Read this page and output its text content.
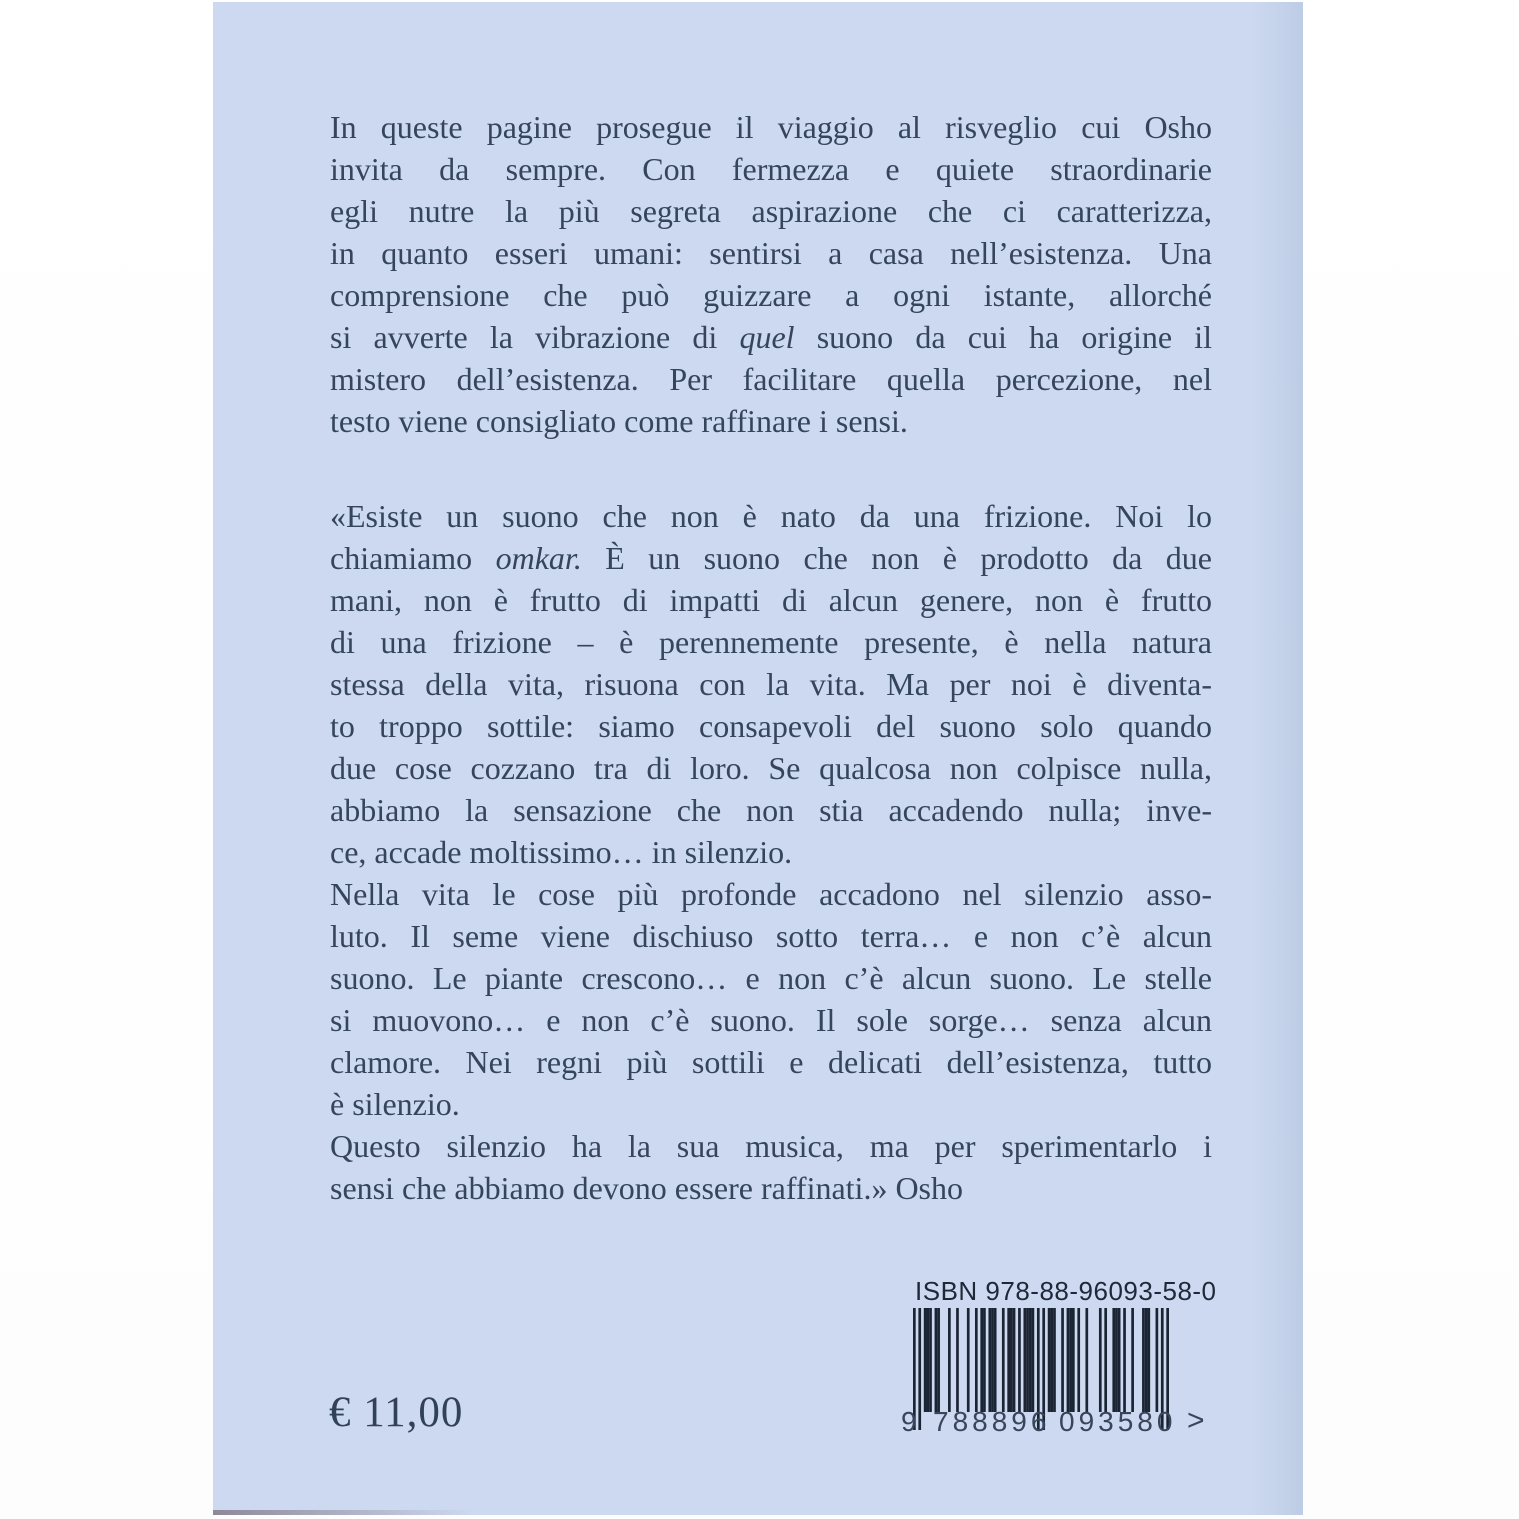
In queste pagine prosegue il viaggio al risveglio cui Osho
invita da sempre. Con fermezza e quiete straordinarie
egli nutre la più segreta aspirazione che ci caratterizza,
in quanto esseri umani: sentirsi a casa nell’esistenza. Una
comprensione che può guizzare a ogni istante, allorché
si avverte la vibrazione di quel suono da cui ha origine il
mistero dell’esistenza. Per facilitare quella percezione, nel
testo viene consigliato come raffinare i sensi.
«Esiste un suono che non è nato da una frizione. Noi lo
chiamiamo omkar. È un suono che non è prodotto da due
mani, non è frutto di impatti di alcun genere, non è frutto
di una frizione – è perennemente presente, è nella natura
stessa della vita, risuona con la vita. Ma per noi è diventa-
to troppo sottile: siamo consapevoli del suono solo quando
due cose cozzano tra di loro. Se qualcosa non colpisce nulla,
abbiamo la sensazione che non stia accadendo nulla; inve-
ce, accade moltissimo… in silenzio.
Nella vita le cose più profonde accadono nel silenzio asso-
luto. Il seme viene dischiuso sotto terra… e non c’è alcun
suono. Le piante crescono… e non c’è alcun suono. Le stelle
si muovono… e non c’è suono. Il sole sorge… senza alcun
clamore. Nei regni più sottili e delicati dell’esistenza, tutto
è silenzio.
Questo silenzio ha la sua musica, ma per sperimentarlo i
sensi che abbiamo devono essere raffinati.» Osho
€ 11,00
ISBN 978-88-96093-58-0
9 788896 093580 >
